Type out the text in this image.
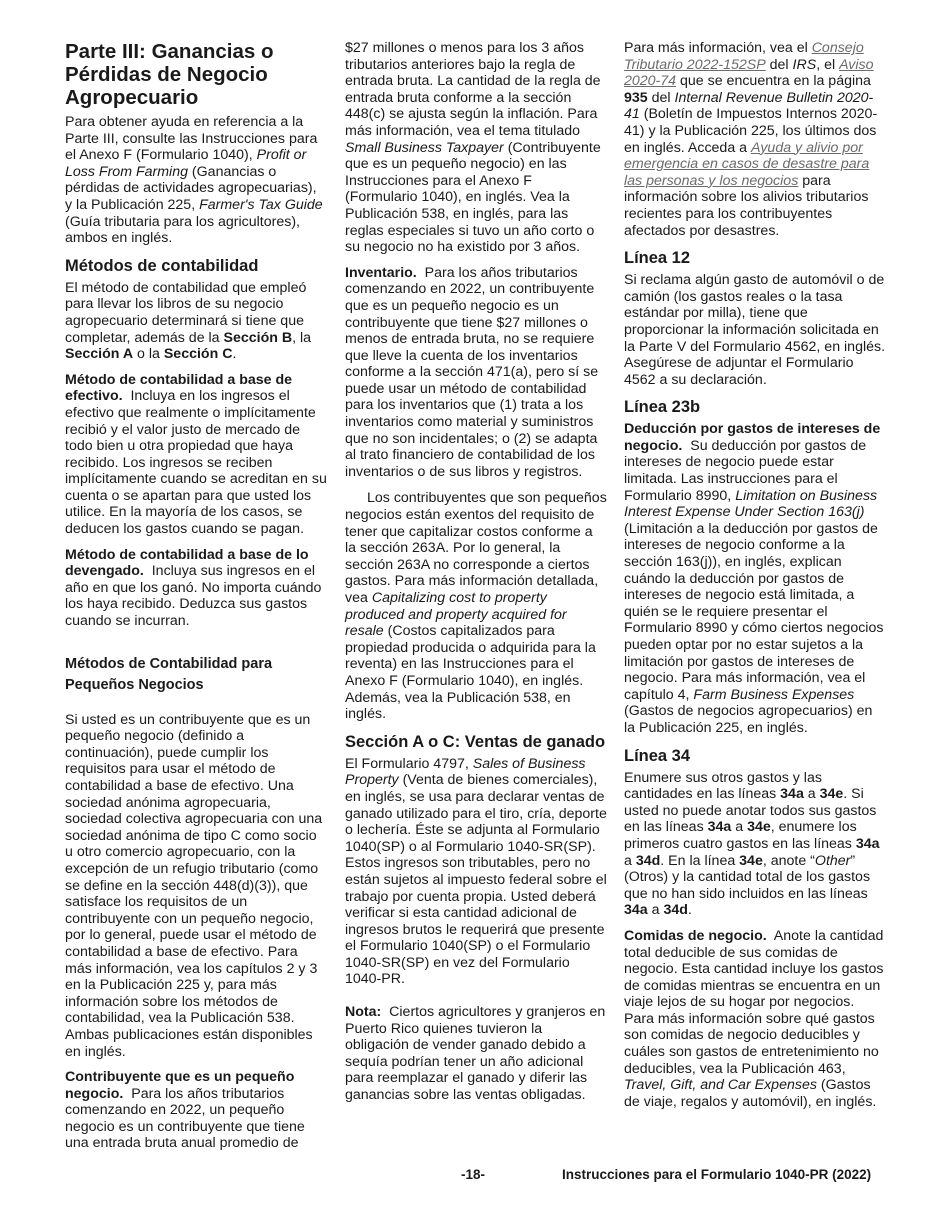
Parte III: Ganancias o Pérdidas de Negocio Agropecuario

Para obtener ayuda en referencia a la Parte III, consulte las Instrucciones para el Anexo F (Formulario 1040), Profit or Loss From Farming (Ganancias o pérdidas de actividades agropecuarias), y la Publicación 225, Farmer's Tax Guide (Guía tributaria para los agricultores), ambos en inglés.

Métodos de contabilidad

El método de contabilidad que empleó para llevar los libros de su negocio agropecuario determinará si tiene que completar, además de la Sección B, la Sección A o la Sección C.

Método de contabilidad a base de efectivo. Incluya en los ingresos el efectivo que realmente o implícitamente recibió y el valor justo de mercado de todo bien u otra propiedad que haya recibido. Los ingresos se reciben implícitamente cuando se acreditan en su cuenta o se apartan para que usted los utilice. En la mayoría de los casos, se deducen los gastos cuando se pagan.

Método de contabilidad a base de lo devengado. Incluya sus ingresos en el año en que los ganó. No importa cuándo los haya recibido. Deduzca sus gastos cuando se incurran.

Métodos de Contabilidad para Pequeños Negocios

Si usted es un contribuyente que es un pequeño negocio (definido a continuación), puede cumplir los requisitos para usar el método de contabilidad a base de efectivo. Una sociedad anónima agropecuaria, sociedad colectiva agropecuaria con una sociedad anónima de tipo C como socio u otro comercio agropecuario, con la excepción de un refugio tributario (como se define en la sección 448(d)(3)), que satisface los requisitos de un contribuyente con un pequeño negocio, por lo general, puede usar el método de contabilidad a base de efectivo. Para más información, vea los capítulos 2 y 3 en la Publicación 225 y, para más información sobre los métodos de contabilidad, vea la Publicación 538. Ambas publicaciones están disponibles en inglés.

Contribuyente que es un pequeño negocio. Para los años tributarios comenzando en 2022, un pequeño negocio es un contribuyente que tiene una entrada bruta anual promedio de

$27 millones o menos para los 3 años tributarios anteriores bajo la regla de entrada bruta. La cantidad de la regla de entrada bruta conforme a la sección 448(c) se ajusta según la inflación. Para más información, vea el tema titulado Small Business Taxpayer (Contribuyente que es un pequeño negocio) en las Instrucciones para el Anexo F (Formulario 1040), en inglés. Vea la Publicación 538, en inglés, para las reglas especiales si tuvo un año corto o su negocio no ha existido por 3 años.

Inventario. Para los años tributarios comenzando en 2022, un contribuyente que es un pequeño negocio es un contribuyente que tiene $27 millones o menos de entrada bruta, no se requiere que lleve la cuenta de los inventarios conforme a la sección 471(a), pero sí se puede usar un método de contabilidad para los inventarios que (1) trata a los inventarios como material y suministros que no son incidentales; o (2) se adapta al trato financiero de contabilidad de los inventarios o de sus libros y registros.

Los contribuyentes que son pequeños negocios están exentos del requisito de tener que capitalizar costos conforme a la sección 263A. Por lo general, la sección 263A no corresponde a ciertos gastos. Para más información detallada, vea Capitalizing cost to property produced and property acquired for resale (Costos capitalizados para propiedad producida o adquirida para la reventa) en las Instrucciones para el Anexo F (Formulario 1040), en inglés. Además, vea la Publicación 538, en inglés.

Sección A o C: Ventas de ganado

El Formulario 4797, Sales of Business Property (Venta de bienes comerciales), en inglés, se usa para declarar ventas de ganado utilizado para el tiro, cría, deporte o lechería. Éste se adjunta al Formulario 1040(SP) o al Formulario 1040-SR(SP). Estos ingresos son tributables, pero no están sujetos al impuesto federal sobre el trabajo por cuenta propia. Usted deberá verificar si esta cantidad adicional de ingresos brutos le requerirá que presente el Formulario 1040(SP) o el Formulario 1040-SR(SP) en vez del Formulario 1040-PR.

Nota: Ciertos agricultores y granjeros en Puerto Rico quienes tuvieron la obligación de vender ganado debido a sequía podrían tener un año adicional para reemplazar el ganado y diferir las ganancias sobre las ventas obligadas.

Para más información, vea el Consejo Tributario 2022-152SP del IRS, el Aviso 2020-74 que se encuentra en la página 935 del Internal Revenue Bulletin 2020-41 (Boletín de Impuestos Internos 2020-41) y la Publicación 225, los últimos dos en inglés. Acceda a Ayuda y alivio por emergencia en casos de desastre para las personas y los negocios para información sobre los alivios tributarios recientes para los contribuyentes afectados por desastres.

Línea 12

Si reclama algún gasto de automóvil o de camión (los gastos reales o la tasa estándar por milla), tiene que proporcionar la información solicitada en la Parte V del Formulario 4562, en inglés. Asegúrese de adjuntar el Formulario 4562 a su declaración.

Línea 23b

Deducción por gastos de intereses de negocio. Su deducción por gastos de intereses de negocio puede estar limitada. Las instrucciones para el Formulario 8990, Limitation on Business Interest Expense Under Section 163(j) (Limitación a la deducción por gastos de intereses de negocio conforme a la sección 163(j)), en inglés, explican cuándo la deducción por gastos de intereses de negocio está limitada, a quién se le requiere presentar el Formulario 8990 y cómo ciertos negocios pueden optar por no estar sujetos a la limitación por gastos de intereses de negocio. Para más información, vea el capítulo 4, Farm Business Expenses (Gastos de negocios agropecuarios) en la Publicación 225, en inglés.

Línea 34

Enumere sus otros gastos y las cantidades en las líneas 34a a 34e. Si usted no puede anotar todos sus gastos en las líneas 34a a 34e, enumere los primeros cuatro gastos en las líneas 34a a 34d. En la línea 34e, anote “Other” (Otros) y la cantidad total de los gastos que no han sido incluidos en las líneas 34a a 34d.

Comidas de negocio. Anote la cantidad total deducible de sus comidas de negocio. Esta cantidad incluye los gastos de comidas mientras se encuentra en un viaje lejos de su hogar por negocios. Para más información sobre qué gastos son comidas de negocio deducibles y cuáles son gastos de entretenimiento no deducibles, vea la Publicación 463, Travel, Gift, and Car Expenses (Gastos de viaje, regalos y automóvil), en inglés.

-18-	Instrucciones para el Formulario 1040-PR (2022)
